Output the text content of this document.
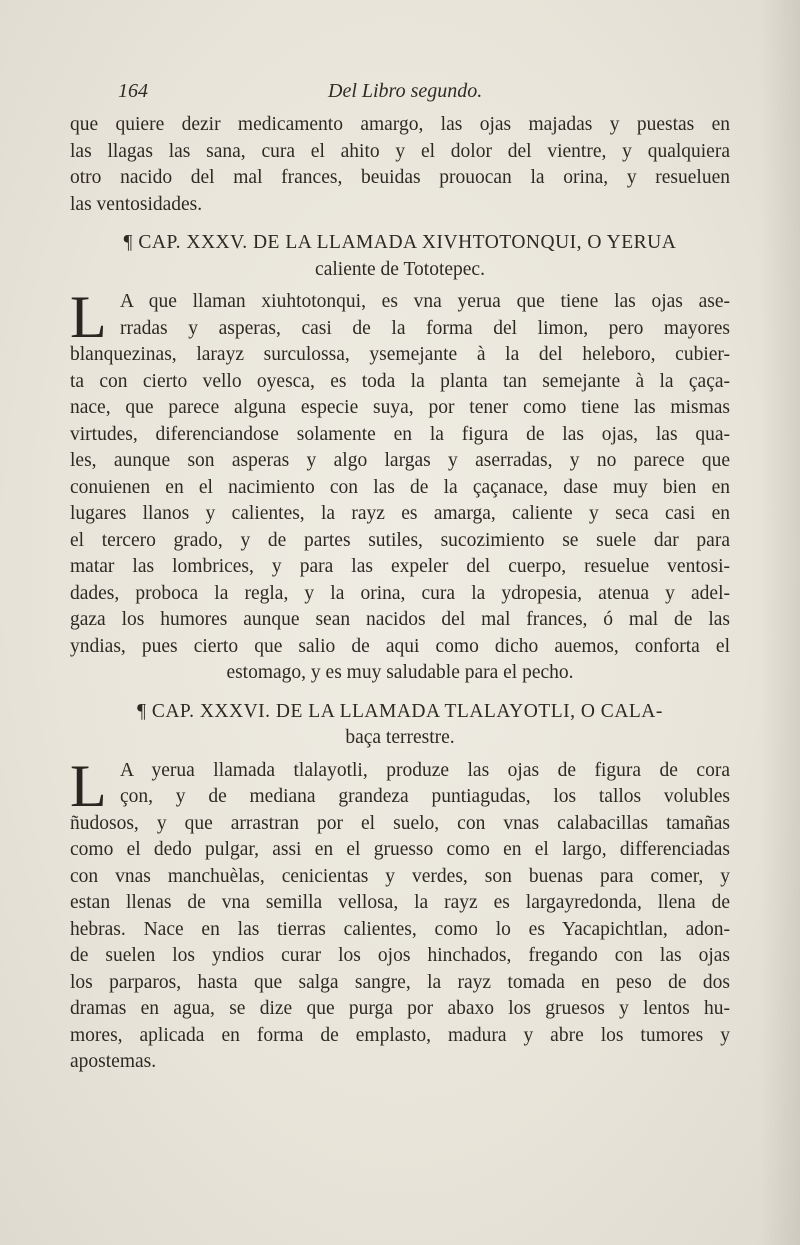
164	Del Libro segundo.
que quiere dezir medicamento amargo, las ojas majadas y puestas en
las llagas las sana, cura el ahito y el dolor del vientre, y qualquiera
otro nacido del mal frances, beuidas prouocan la orina, y resueluen
las ventosidades.
¶ CAP. XXXV. DE LA LLAMADA XIVHTOTONQUI, O YERUA
caliente de Tototepec.
L A que llaman xiuhtotonqui, es vna yerua que tiene las ojas ase-
rradas y asperas, casi de la forma del limon, pero mayores
blanquezinas, larayz surculossa, ysemejante à la del heleboro, cubier-
ta con cierto vello oyesca, es toda la planta tan semejante à la çaça-
nace, que parece alguna especie suya, por tener como tiene las mismas
virtudes, diferenciandose solamente en la figura de las ojas, las qua-
les, aunque son asperas y algo largas y aserradas, y no parece que
conuienen en el nacimiento con las de la çaçanace, dase muy bien en
lugares llanos y calientes, la rayz es amarga, caliente y seca casi en
el tercero grado, y de partes sutiles, sucozimiento se suele dar para
matar las lombrices, y para las expeler del cuerpo, resuelue ventosi-
dades, proboca la regla, y la orina, cura la ydropesia, atenua y adel-
gaza los humores aunque sean nacidos del mal frances, ó mal de las
yndias, pues cierto que salio de aqui como dicho auemos, conforta el
estomago, y es muy saludable para el pecho.
¶ CAP. XXXVI. DE LA LLAMADA TLALAYOTLI, O CALA-
baça terrestre.
L A yerua llamada tlalayotli, produze las ojas de figura de cora
çon, y de mediana grandeza puntiagudas, los tallos volubles
ñudosos, y que arrastran por el suelo, con vnas calabacillas tamañas
como el dedo pulgar, assi en el gruesso como en el largo, differenciadas
con vnas manchuèlas, cenicientas y verdes, son buenas para comer, y
estan llenas de vna semilla vellosa, la rayz es largayredonda, llena de
hebras. Nace en las tierras calientes, como lo es Yacapichtlan, adon-
de suelen los yndios curar los ojos hinchados, fregando con las ojas
los parparos, hasta que salga sangre, la rayz tomada en peso de dos
dramas en agua, se dize que purga por abaxo los gruesos y lentos hu-
mores, aplicada en forma de emplasto, madura y abre los tumores y
apostemas.
